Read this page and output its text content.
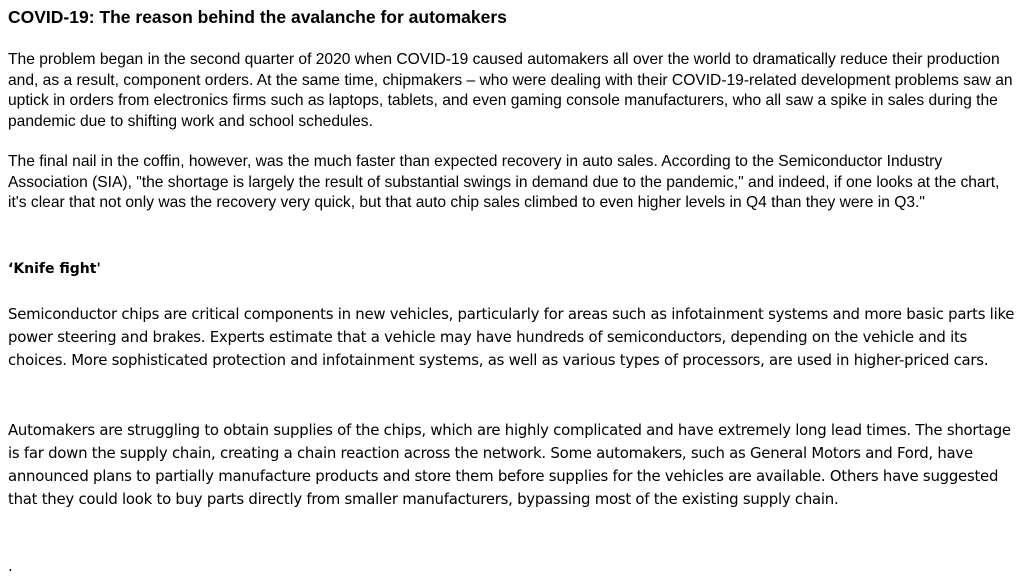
COVID-19: The reason behind the avalanche for automakers

The problem began in the second quarter of 2020 when COVID-19 caused automakers all over the world to dramatically reduce their production and, as a result, component orders. At the same time, chipmakers – who were dealing with their COVID-19-related development problems saw an uptick in orders from electronics firms such as laptops, tablets, and even gaming console manufacturers, who all saw a spike in sales during the pandemic due to shifting work and school schedules.

The final nail in the coffin, however, was the much faster than expected recovery in auto sales. According to the Semiconductor Industry Association (SIA), "the shortage is largely the result of substantial swings in demand due to the pandemic," and indeed, if one looks at the chart, it's clear that not only was the recovery very quick, but that auto chip sales climbed to even higher levels in Q4 than they were in Q3."

‘Knife fight'

Semiconductor chips are critical components in new vehicles, particularly for areas such as infotainment systems and more basic parts like power steering and brakes. Experts estimate that a vehicle may have hundreds of semiconductors, depending on the vehicle and its choices. More sophisticated protection and infotainment systems, as well as various types of processors, are used in higher-priced cars.

Automakers are struggling to obtain supplies of the chips, which are highly complicated and have extremely long lead times. The shortage is far down the supply chain, creating a chain reaction across the network. Some automakers, such as General Motors and Ford, have announced plans to partially manufacture products and store them before supplies for the vehicles are available. Others have suggested that they could look to buy parts directly from smaller manufacturers, bypassing most of the existing supply chain.

.
